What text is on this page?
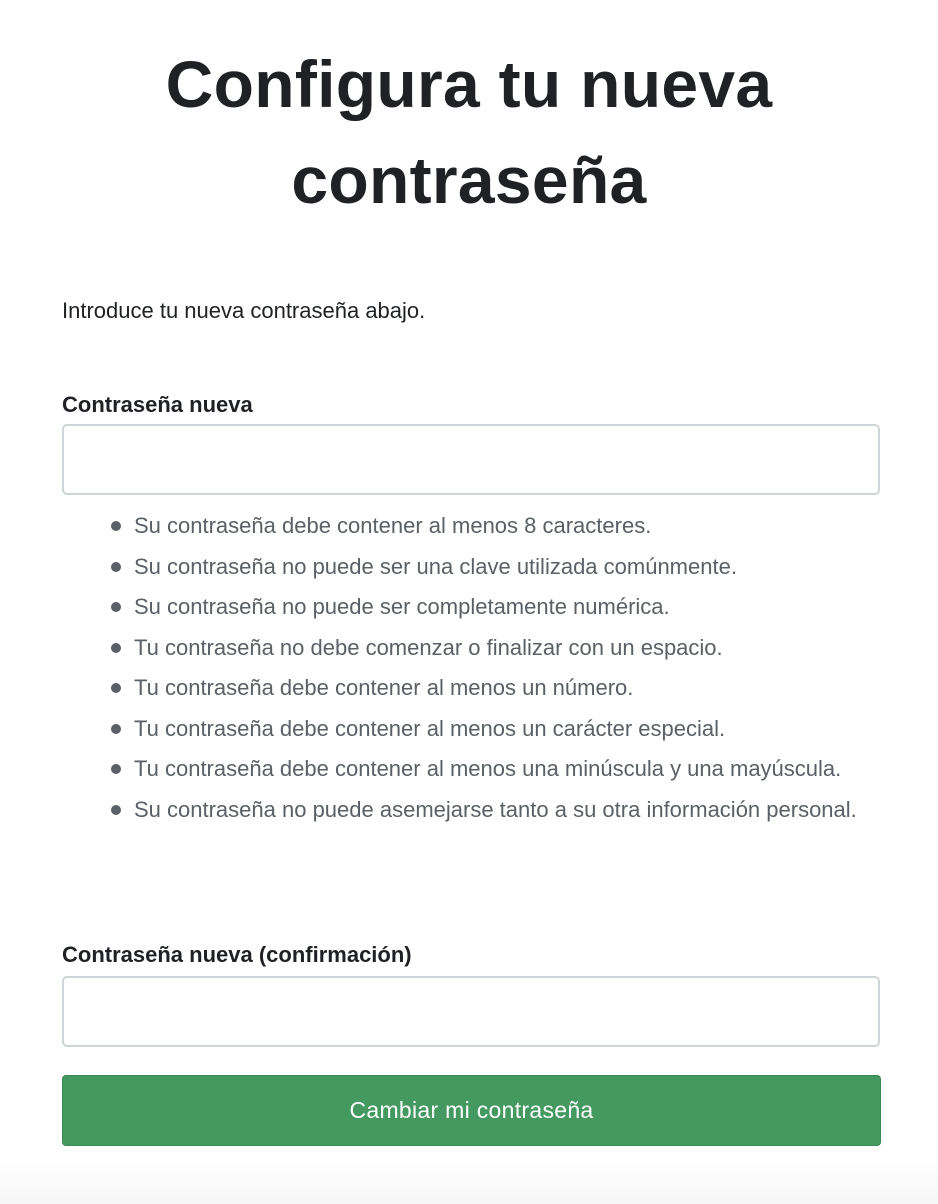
Configura tu nueva
contraseña

Introduce tu nueva contraseña abajo.

Contraseña nueva
Su contraseña debe contener al menos 8 caracteres.
Su contraseña no puede ser una clave utilizada comúnmente.
Su contraseña no puede ser completamente numérica.
Tu contraseña no debe comenzar o finalizar con un espacio.
Tu contraseña debe contener al menos un número.
Tu contraseña debe contener al menos un carácter especial.
Tu contraseña debe contener al menos una minúscula y una mayúscula.
Su contraseña no puede asemejarse tanto a su otra información personal.
Contraseña nueva (confirmación)
Cambiar mi contraseña
